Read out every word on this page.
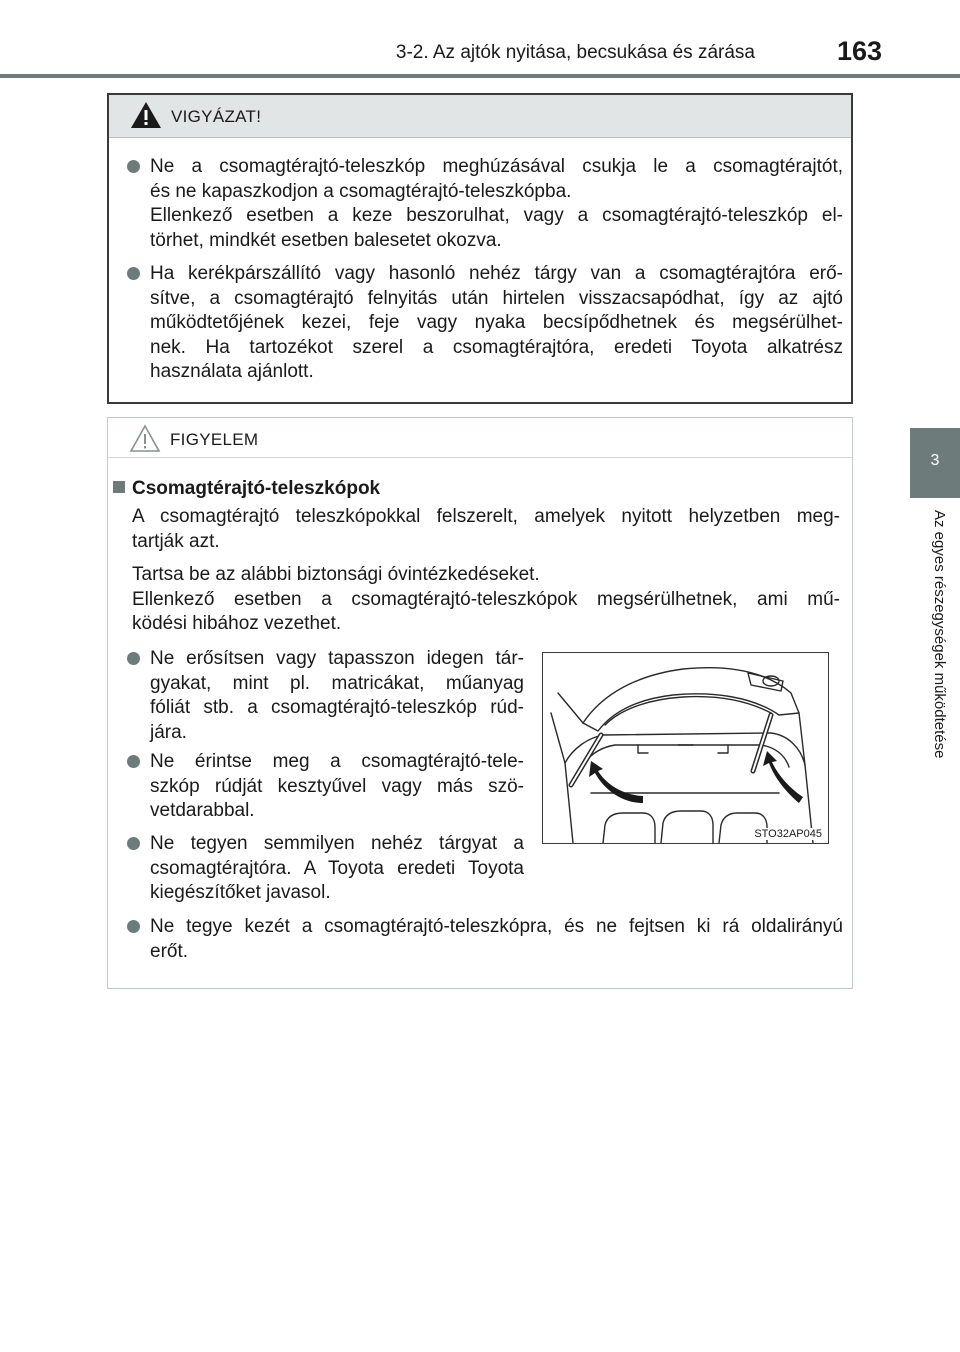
3-2. Az ajtók nyitása, becsukása és zárása	163
3
Az egyes részegységek működtetése
VIGYÁZAT!
Ne a csomagtérajtó-teleszkóp meghúzásával csukja le a csomagtérajtót,
és ne kapaszkodjon a csomagtérajtó-teleszkópba.
Ellenkező esetben a keze beszorulhat, vagy a csomagtérajtó-teleszkóp el-
törhet, mindkét esetben balesetet okozva.
Ha kerékpárszállító vagy hasonló nehéz tárgy van a csomagtérajtóra erő-
sítve, a csomagtérajtó felnyitás után hirtelen visszacsapódhat, így az ajtó
működtetőjének kezei, feje vagy nyaka becsípődhetnek és megsérülhet-
nek. Ha tartozékot szerel a csomagtérajtóra, eredeti Toyota alkatrész
használata ajánlott.
FIGYELEM
Csomagtérajtó-teleszkópok
A csomagtérajtó teleszkópokkal felszerelt, amelyek nyitott helyzetben meg-
tartják azt.
Tartsa be az alábbi biztonsági óvintézkedéseket.
Ellenkező esetben a csomagtérajtó-teleszkópok megsérülhetnek, ami mű-
ködési hibához vezethet.
Ne erősítsen vagy tapasszon idegen tár-
gyakat, mint pl. matricákat, műanyag
fóliát stb. a csomagtérajtó-teleszkóp rúd-
jára.
Ne érintse meg a csomagtérajtó-tele-
szkóp rúdját kesztyűvel vagy más szö-
vetdarabbal.
Ne tegyen semmilyen nehéz tárgyat a
csomagtérajtóra. A Toyota eredeti Toyota
kiegészítőket javasol.
Ne tegye kezét a csomagtérajtó-teleszkópra, és ne fejtsen ki rá oldalirányú
erőt.
STO32AP045
